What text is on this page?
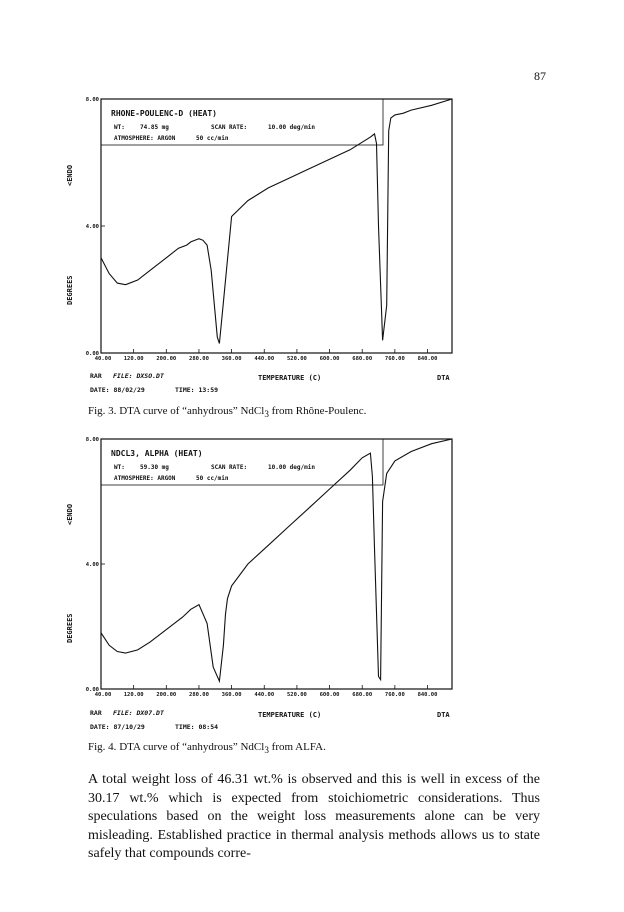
87
RHONE-POULENC-D (HEAT)
WT:	74.85 mg	SCAN RATE:	10.00 deg/min
ATMOSPHERE: ARGON	50 cc/min
DEGREES
<ENDO
40.00 120.00 200.00 280.00 360.00 440.00 520.00 600.00 680.00 760.00 840.00
0.00
4.00
8.00
RAR FILE: DXSO.DT
DATE: 88/02/29	TIME: 13:59
TEMPERATURE (C)	DTA
Fig. 3. DTA curve of “anhydrous” NdCl$_3$ from Rhône-Poulenc.
NDCL3, ALPHA (HEAT)
WT:	59.30 mg	SCAN RATE:	10.00 deg/min
ATMOSPHERE: ARGON	50 cc/min
DEGREES
<ENDO
40.00 120.00 200.00 280.00 360.00 440.00 520.00 600.00 680.00 760.00 840.00
0.00
4.00
8.00
RAR FILE: DX07.DT
DATE: 87/10/29	TIME: 08:54
TEMPERATURE (C)	DTA
Fig. 4. DTA curve of “anhydrous” NdCl$_3$ from ALFA.
A total weight loss of 46.31 wt.% is observed and this is well in excess of the 30.17 wt.% which is expected from stoichiometric considerations. Thus speculations based on the weight loss measurements alone can be very misleading. Established practice in thermal analysis methods allows us to state safely that compounds corre-
